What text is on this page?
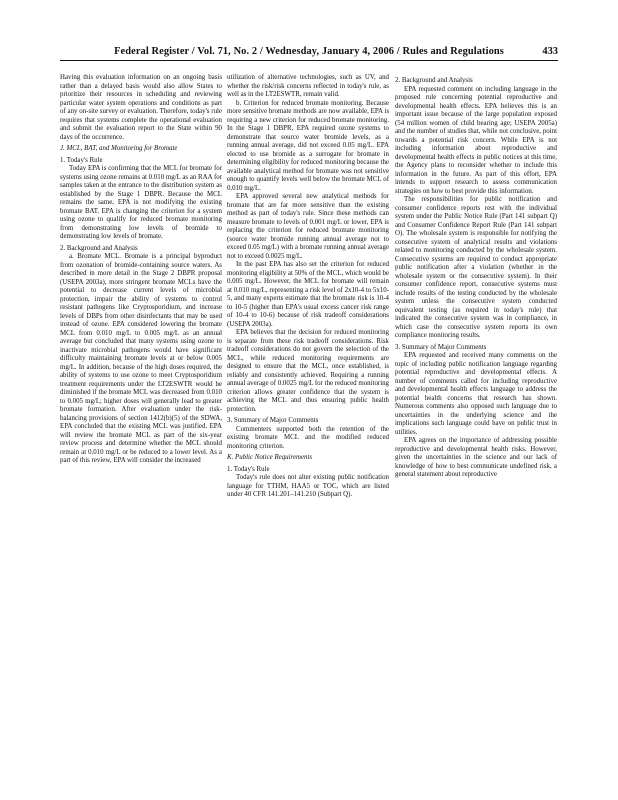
Federal Register / Vol. 71, No. 2 / Wednesday, January 4, 2006 / Rules and Regulations	433

Having this evaluation information on an ongoing basis rather than a delayed basis would also allow States to prioritize their resources in scheduling and reviewing particular water system operations and conditions as part of any on-site survey or evaluation. Therefore, today's rule requires that systems complete the operational evaluation and submit the evaluation report to the State within 90 days of the occurrence.

J. MCL, BAT, and Monitoring for Bromate

1. Today's Rule

Today EPA is confirming that the MCL for bromate for systems using ozone remains at 0.010 mg/L as an RAA for samples taken at the entrance to the distribution system as established by the Stage 1 DBPR. Because the MCL remains the same, EPA is not modifying the existing bromate BAT. EPA is changing the criterion for a system using ozone to qualify for reduced bromate monitoring from demonstrating low levels of bromide to demonstrating low levels of bromate.

2. Background and Analysis

a. Bromate MCL. Bromate is a principal byproduct from ozonation of bromide-containing source waters. As described in more detail in the Stage 2 DBPR proposal (USEPA 2003a), more stringent bromate MCLs have the potential to decrease current levels of microbial protection, impair the ability of systems to control resistant pathogens like Cryptosporidium, and increase levels of DBPs from other disinfectants that may be used instead of ozone. EPA considered lowering the bromate MCL from 0.010 mg/L to 0.005 mg/L as an annual average but concluded that many systems using ozone to inactivate microbial pathogens would have significant difficulty maintaining bromate levels at or below 0.005 mg/L. In addition, because of the high doses required, the ability of systems to use ozone to meet Cryptosporidium treatment requirements under the LT2ESWTR would be diminished if the bromate MCL was decreased from 0.010 to 0.005 mg/L; higher doses will generally lead to greater bromate formation. After evaluation under the risk-balancing provisions of section 1412(b)(5) of the SDWA, EPA concluded that the existing MCL was justified. EPA will review the bromate MCL as part of the six-year review process and determine whether the MCL should remain at 0.010 mg/L or be reduced to a lower level. As a part of this review, EPA will consider the increased

utilization of alternative technologies, such as UV, and whether the risk/risk concerns reflected in today's rule, as well as in the LT2ESWTR, remain valid.

b. Criterion for reduced bromate monitoring. Because more sensitive bromate methods are now available, EPA is requiring a new criterion for reduced bromate monitoring. In the Stage 1 DBPR, EPA required ozone systems to demonstrate that source water bromide levels, as a running annual average, did not exceed 0.05 mg/L. EPA elected to use bromide as a surrogate for bromate in determining eligibility for reduced monitoring because the available analytical method for bromate was not sensitive enough to quantify levels well below the bromate MCL of 0.010 mg/L.

EPA approved several new analytical methods for bromate that are far more sensitive than the existing method as part of today's rule. Since these methods can measure bromate to levels of 0.001 mg/L or lower, EPA is replacing the criterion for reduced bromate monitoring (source water bromide running annual average not to exceed 0.05 mg/L) with a bromate running annual average not to exceed 0.0025 mg/L.

In the past EPA has also set the criterion for reduced monitoring eligibility at 50% of the MCL, which would be 0.005 mg/L. However, the MCL for bromate will remain at 0.010 mg/L, representing a risk level of 2x10-4 to 5x10-5, and many experts estimate that the bromate risk is 10-4 to 10-5 (higher than EPA's usual excess cancer risk range of 10-4 to 10-6) because of risk tradeoff considerations (USEPA 2003a).

EPA believes that the decision for reduced monitoring is separate from these risk tradeoff considerations. Risk tradeoff considerations do not govern the selection of the MCL, while reduced monitoring requirements are designed to ensure that the MCL, once established, is reliably and consistently achieved. Requiring a running annual average of 0.0025 mg/L for the reduced monitoring criterion allows greater confidence that the system is achieving the MCL and thus ensuring public health protection.

3. Summary of Major Comments

Commenters supported both the retention of the existing bromate MCL and the modified reduced monitoring criterion.

K. Public Notice Requirements

1. Today's Rule

Today's rule does not alter existing public notification language for TTHM, HAA5 or TOC, which are listed under 40 CFR 141.201–141.210 (Subpart Q).

2. Background and Analysis

EPA requested comment on including language in the proposed rule concerning potential reproductive and developmental health effects. EPA believes this is an important issue because of the large population exposed (54 million women of child bearing age; USEPA 2005a) and the number of studies that, while not conclusive, point towards a potential risk concern. While EPA is not including information about reproductive and developmental health effects in public notices at this time, the Agency plans to reconsider whether to include this information in the future. As part of this effort, EPA intends to support research to assess communication strategies on how to best provide this information.

The responsibilities for public notification and consumer confidence reports rest with the individual system under the Public Notice Rule (Part 141 subpart Q) and Consumer Confidence Report Rule (Part 141 subpart O). The wholesale system is responsible for notifying the consecutive system of analytical results and violations related to monitoring conducted by the wholesale system. Consecutive systems are required to conduct appropriate public notification after a violation (whether in the wholesale system or the consecutive system). In their consumer confidence report, consecutive systems must include results of the testing conducted by the wholesale system unless the consecutive system conducted equivalent testing (as required in today's rule) that indicated the consecutive system was in compliance, in which case the consecutive system reports its own compliance monitoring results.

3. Summary of Major Comments

EPA requested and received many comments on the topic of including public notification language regarding potential reproductive and developmental effects. A number of comments called for including reproductive and developmental health effects language to address the potential health concerns that research has shown. Numerous comments also opposed such language due to uncertainties in the underlying science and the implications such language could have on public trust in utilities.

EPA agrees on the importance of addressing possible reproductive and developmental health risks. However, given the uncertainties in the science and our lack of knowledge of how to best communicate undefined risk, a general statement about reproductive
